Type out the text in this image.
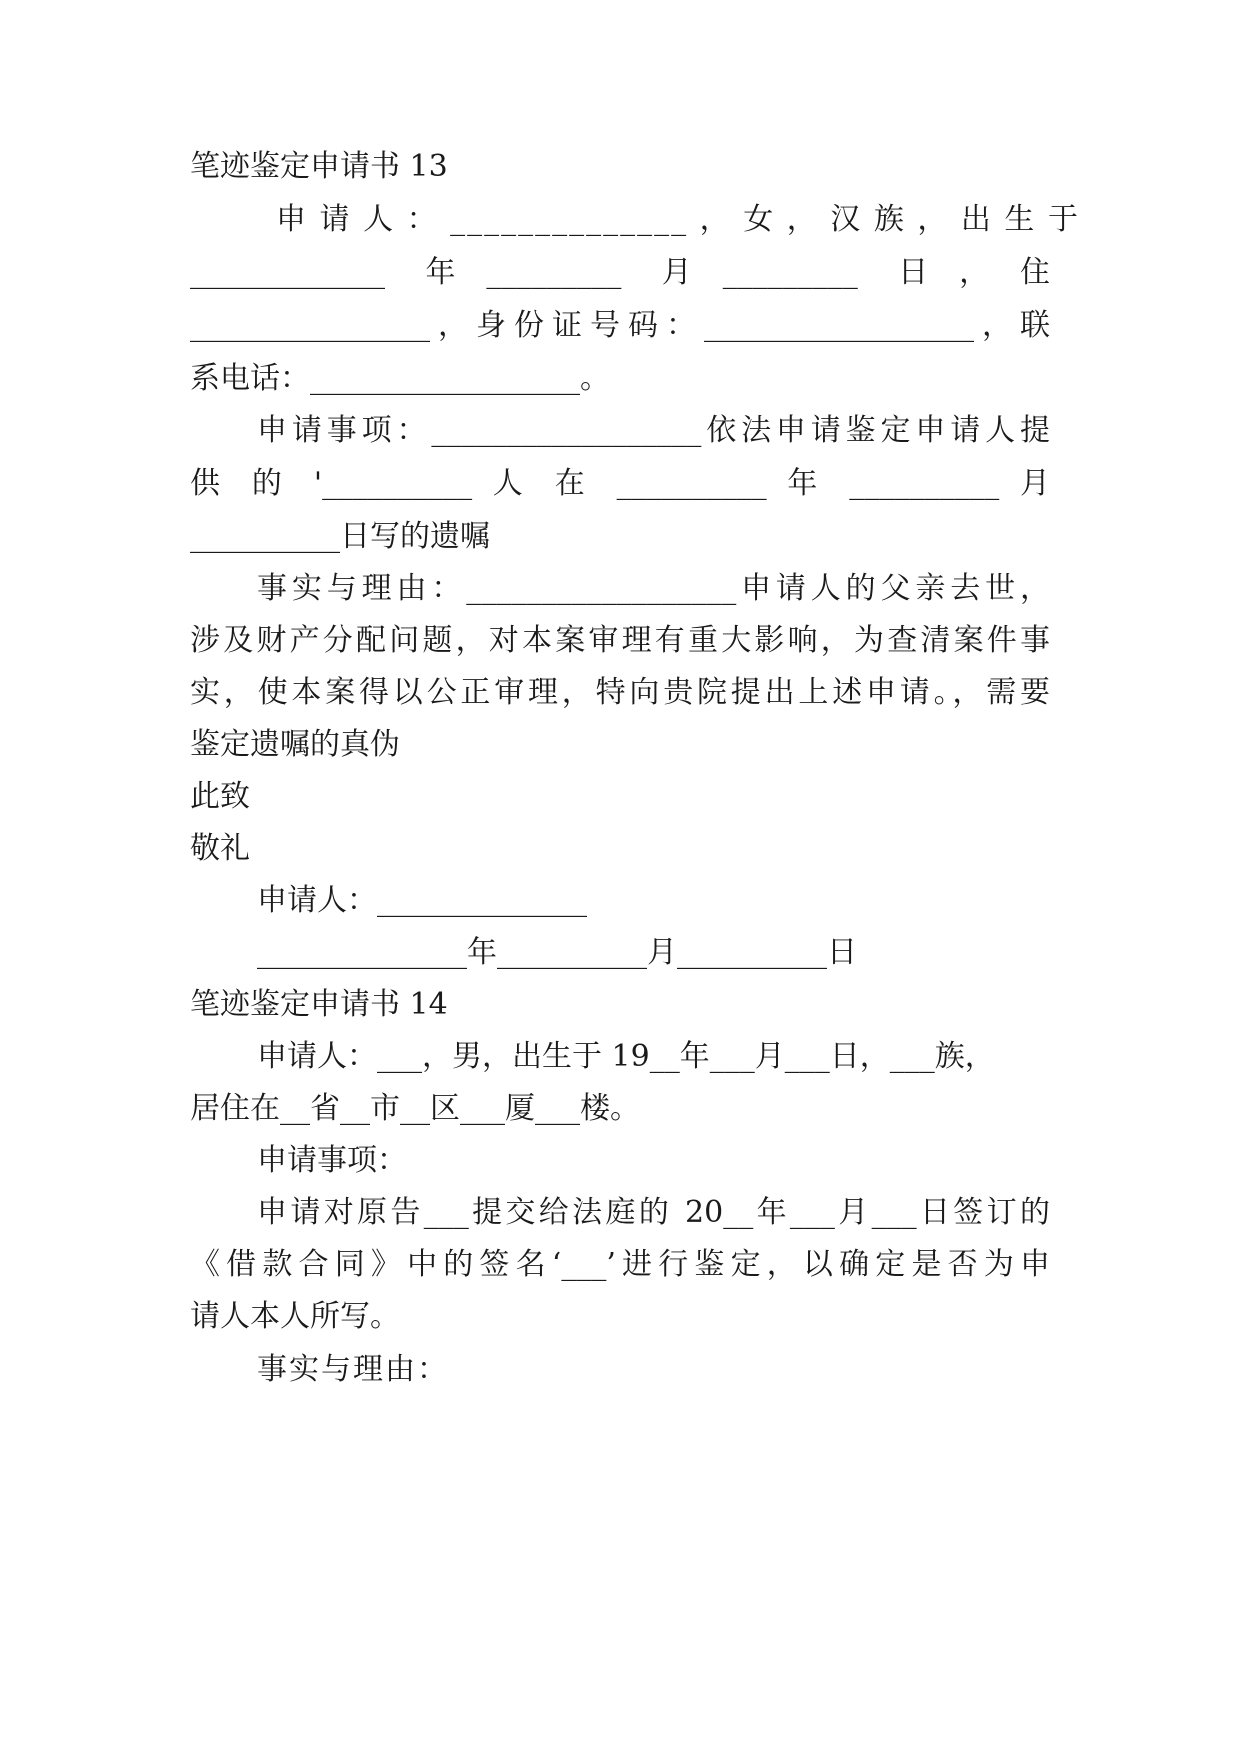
笔迹鉴定申请书 13

申 请 人 ： ______________ ， 女 ， 汉 族 ， 出 生 于

_____________  年 _________  月 _________  日 ， 住

________________，身份证号码：__________________，联

系电话：__________________。

申请事项：__________________依法申请鉴定申请人提

供 的 '__________ 人 在 __________ 年 __________ 月

__________日写的遗嘱

事实与理由：__________________申请人的父亲去世，

涉及财产分配问题，对本案审理有重大影响，为查清案件事

实，使本案得以公正审理，特向贵院提出上述申请。，需要

鉴定遗嘱的真伪

此致

敬礼

申请人：______________

______________年__________月__________日

笔迹鉴定申请书 14

申请人：___，男，出生于 19__年___月___日，___族，

居住在__省__市__区___厦___楼。

申请事项：

申请对原告___提交给法庭的 20__年___月___日签订的

《借款合同》中的签名‘___’进行鉴定，以确定是否为申

请人本人所写。

事实与理由：
